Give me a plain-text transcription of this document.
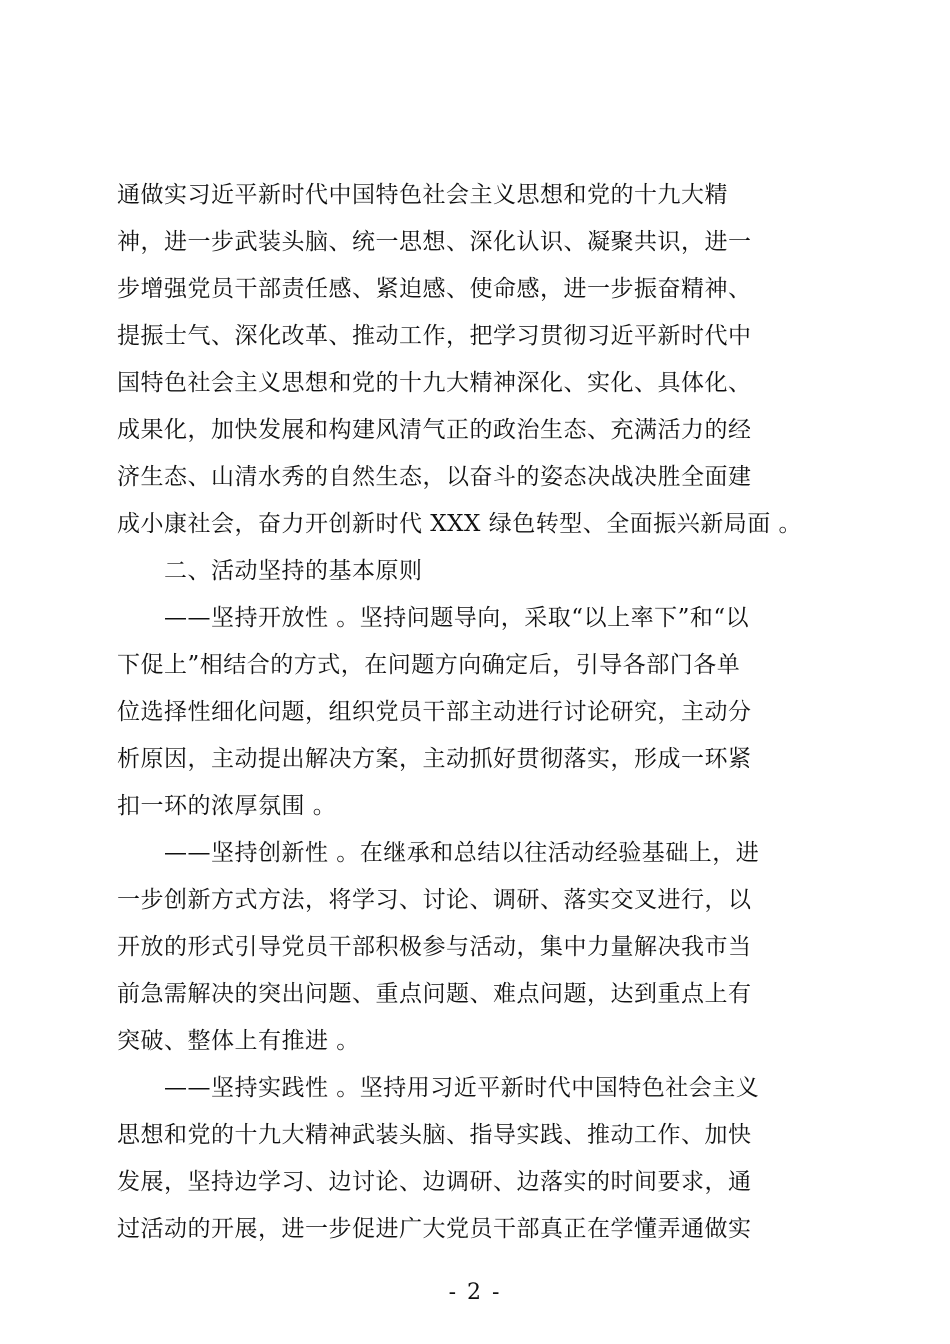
通做实习近平新时代中国特色社会主义思想和党的十九大精
神，进一步武装头脑、统一思想、深化认识、凝聚共识，进一
步增强党员干部责任感、紧迫感、使命感，进一步振奋精神、
提振士气、深化改革、推动工作，把学习贯彻习近平新时代中
国特色社会主义思想和党的十九大精神深化、实化、具体化、
成果化，加快发展和构建风清气正的政治生态、充满活力的经
济生态、山清水秀的自然生态，以奋斗的姿态决战决胜全面建
成小康社会，奋力开创新时代 XXX 绿色转型、全面振兴新局面 。
二、活动坚持的基本原则
——坚持开放性 。坚持问题导向，采取“以上率下”和“以
下促上”相结合的方式，在问题方向确定后，引导各部门各单
位选择性细化问题，组织党员干部主动进行讨论研究，主动分
析原因，主动提出解决方案，主动抓好贯彻落实，形成一环紧
扣一环的浓厚氛围 。
——坚持创新性 。在继承和总结以往活动经验基础上，进
一步创新方式方法，将学习、讨论、调研、落实交叉进行，以
开放的形式引导党员干部积极参与活动，集中力量解决我市当
前急需解决的突出问题、重点问题、难点问题，达到重点上有
突破、整体上有推进 。
——坚持实践性 。坚持用习近平新时代中国特色社会主义
思想和党的十九大精神武装头脑、指导实践、推动工作、加快
发展，坚持边学习、边讨论、边调研、边落实的时间要求，通
过活动的开展，进一步促进广大党员干部真正在学懂弄通做实
- 2 -
